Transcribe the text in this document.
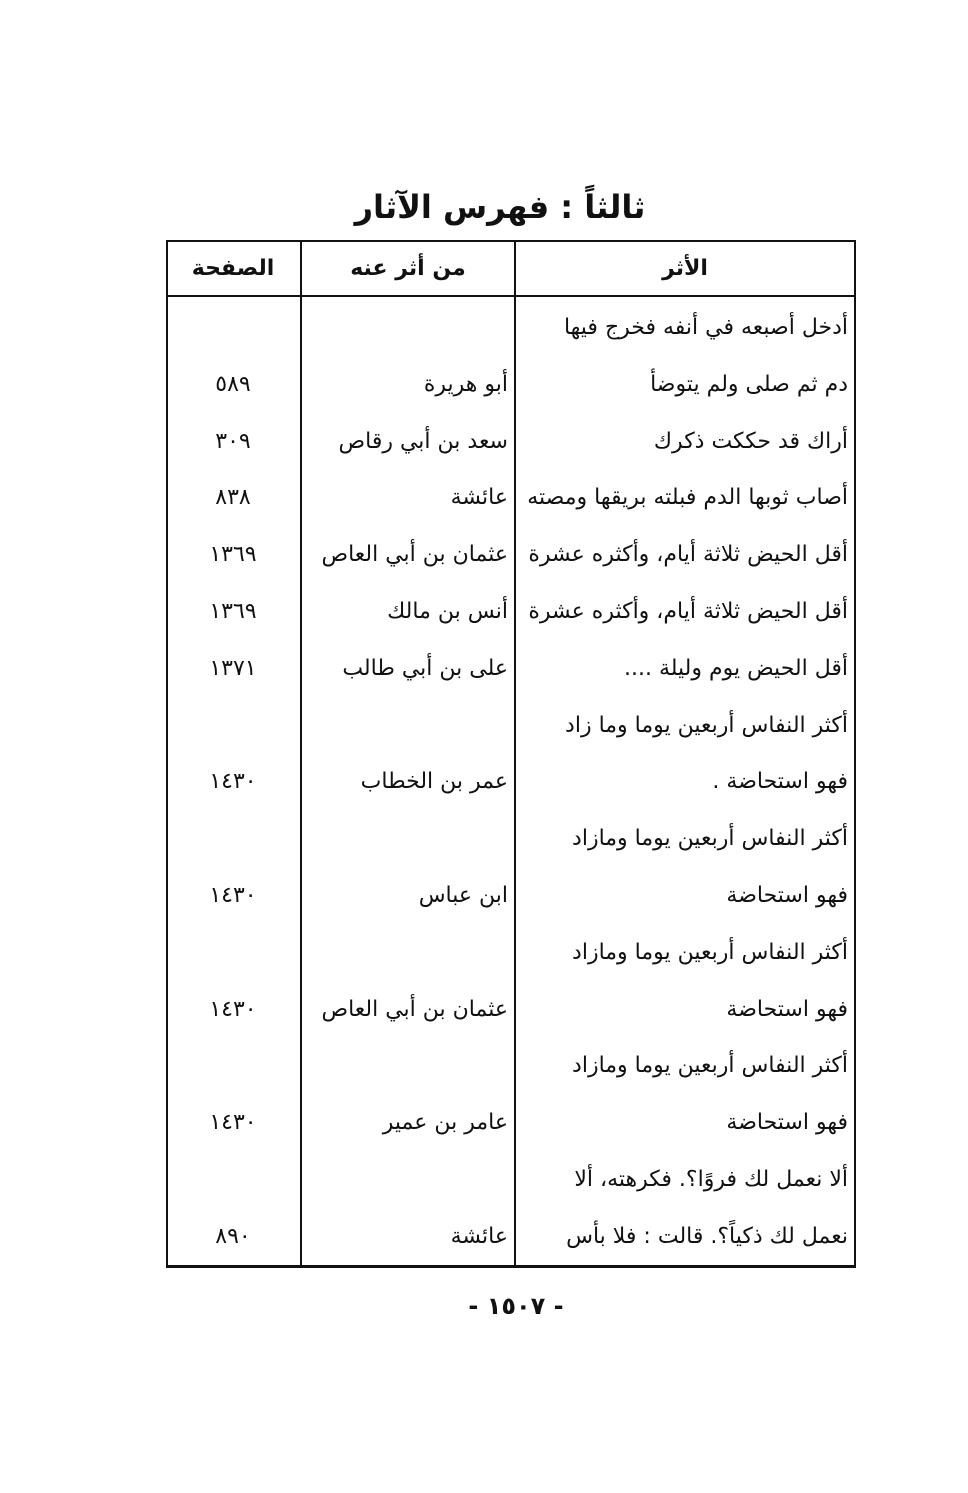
ثالثاً : فهرس الآثار
الأثر
من أثر عنه
الصفحة
أدخل أصبعه في أنفه فخرج فيها
دم ثم صلى ولم يتوضأ
أبو هريرة
٥٨٩
أراك قد حككت ذكرك
سعد بن أبي رقاص
٣٠٩
أصاب ثوبها الدم فبلته بريقها ومصته
عائشة
٨٣٨
أقل الحيض ثلاثة أيام، وأكثره عشرة
عثمان بن أبي العاص
١٣٦٩
أقل الحيض ثلاثة أيام، وأكثره عشرة
أنس بن مالك
١٣٦٩
أقل الحيض يوم وليلة ....
على بن أبي طالب
١٣٧١
أكثر النفاس أربعين يوما وما زاد
فهو استحاضة .
عمر بن الخطاب
١٤٣٠
أكثر النفاس أربعين يوما ومازاد
فهو استحاضة
ابن عباس
١٤٣٠
أكثر النفاس أربعين يوما ومازاد
فهو استحاضة
عثمان بن أبي العاص
١٤٣٠
أكثر النفاس أربعين يوما ومازاد
فهو استحاضة
عامر بن عمير
١٤٣٠
ألا نعمل لك فروًا؟. فكرهته، ألا
نعمل لك ذكياً؟. قالت : فلا بأس
عائشة
٨٩٠
- ١٥٠٧ -
